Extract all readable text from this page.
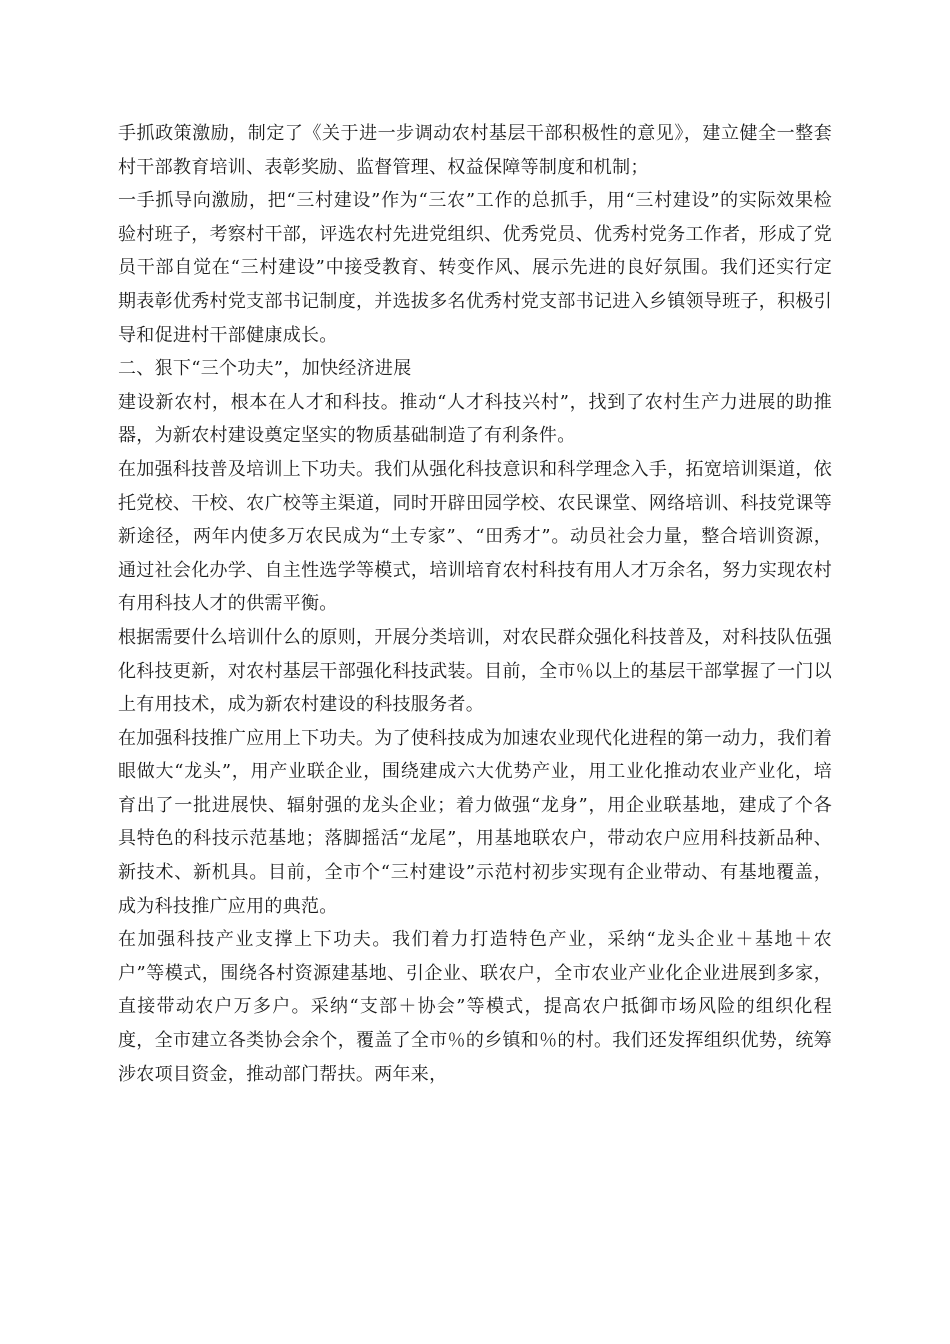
手抓政策激励，制定了《关于进一步调动农村基层干部积极性的意见》，建立健全一整套村干部教育培训、表彰奖励、监督管理、权益保障等制度和机制；

一手抓导向激励，把“三村建设”作为“三农”工作的总抓手，用“三村建设”的实际效果检验村班子，考察村干部，评选农村先进党组织、优秀党员、优秀村党务工作者，形成了党员干部自觉在“三村建设”中接受教育、转变作风、展示先进的良好氛围。我们还实行定期表彰优秀村党支部书记制度，并选拔多名优秀村党支部书记进入乡镇领导班子，积极引导和促进村干部健康成长。

二、狠下“三个功夫”，加快经济进展

建设新农村，根本在人才和科技。推动“人才科技兴村”，找到了农村生产力进展的助推器，为新农村建设奠定坚实的物质基础制造了有利条件。

在加强科技普及培训上下功夫。我们从强化科技意识和科学理念入手，拓宽培训渠道，依托党校、干校、农广校等主渠道，同时开辟田园学校、农民课堂、网络培训、科技党课等新途径，两年内使多万农民成为“土专家”、“田秀才”。动员社会力量，整合培训资源，通过社会化办学、自主性选学等模式，培训培育农村科技有用人才万余名，努力实现农村有用科技人才的供需平衡。

根据需要什么培训什么的原则，开展分类培训，对农民群众强化科技普及，对科技队伍强化科技更新，对农村基层干部强化科技武装。目前，全市％以上的基层干部掌握了一门以上有用技术，成为新农村建设的科技服务者。

在加强科技推广应用上下功夫。为了使科技成为加速农业现代化进程的第一动力，我们着眼做大“龙头”，用产业联企业，围绕建成六大优势产业，用工业化推动农业产业化，培育出了一批进展快、辐射强的龙头企业；着力做强“龙身”，用企业联基地，建成了个各具特色的科技示范基地；落脚摇活“龙尾”，用基地联农户，带动农户应用科技新品种、新技术、新机具。目前，全市个“三村建设”示范村初步实现有企业带动、有基地覆盖，成为科技推广应用的典范。

在加强科技产业支撑上下功夫。我们着力打造特色产业，采纳“龙头企业＋基地＋农户”等模式，围绕各村资源建基地、引企业、联农户，全市农业产业化企业进展到多家，直接带动农户万多户。采纳“支部＋协会”等模式，提高农户抵御市场风险的组织化程度，全市建立各类协会余个，覆盖了全市％的乡镇和％的村。我们还发挥组织优势，统筹涉农项目资金，推动部门帮扶。两年来，
